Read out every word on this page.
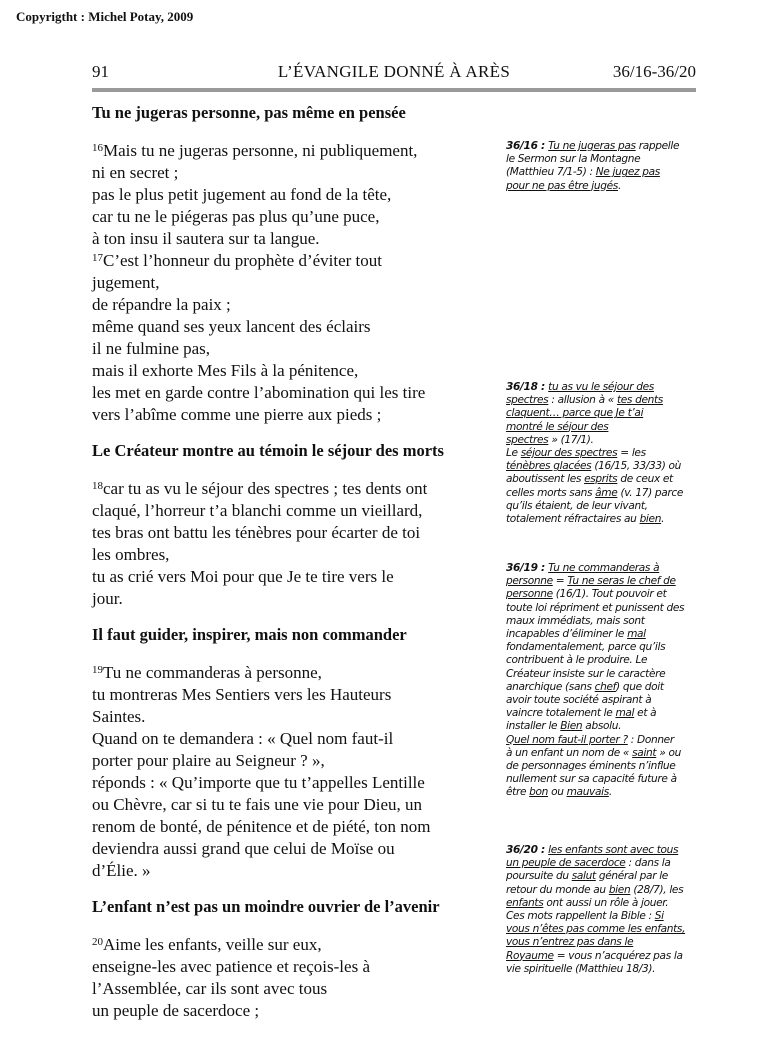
Copyrigtht : Michel Potay, 2009
91	L’ÉVANGILE DONNÉ À ARÈS	36/16-36/20
Tu ne jugeras personne, pas même en pensée
$^{16}$Mais tu ne jugeras personne, ni publiquement,
ni en secret ;
pas le plus petit jugement au fond de la tête,
car tu ne le piégeras pas plus qu’une puce,
à ton insu il sautera sur ta langue.
$^{17}$C’est l’honneur du prophète d’éviter tout
jugement,
de répandre la paix ;
même quand ses yeux lancent des éclairs
il ne fulmine pas,
mais il exhorte Mes Fils à la pénitence,
les met en garde contre l’abomination qui les tire
vers l’abîme comme une pierre aux pieds ;
Le Créateur montre au témoin le séjour des morts
$^{18}$car tu as vu le séjour des spectres ; tes dents ont
claqué, l’horreur t’a blanchi comme un vieillard,
tes bras ont battu les ténèbres pour écarter de toi
les ombres,
tu as crié vers Moi pour que Je te tire vers le
jour.
Il faut guider, inspirer, mais non commander
$^{19}$Tu ne commanderas à personne,
tu montreras Mes Sentiers vers les Hauteurs
Saintes.
Quand on te demandera : « Quel nom faut-il
porter pour plaire au Seigneur ? »,
réponds : « Qu’importe que tu t’appelles Lentille
ou Chèvre, car si tu te fais une vie pour Dieu, un
renom de bonté, de pénitence et de piété, ton nom
deviendra aussi grand que celui de Moïse ou
d’Élie. »
L’enfant n’est pas un moindre ouvrier de l’avenir
$^{20}$Aime les enfants, veille sur eux,
enseigne-les avec patience et reçois-les à
l’Assemblée, car ils sont avec tous
un peuple de sacerdoce ;
36/16 : Tu ne jugeras pas rappelle
le Sermon sur la Montagne
(Matthieu 7/1-5) : Ne jugez pas
pour ne pas être jugés.
36/18 : tu as vu le séjour des
spectres : allusion à « tes dents
claquent… parce que Je t’ai
montré le séjour des
spectres » (17/1).
Le séjour des spectres = les
ténèbres glacées (16/15, 33/33) où
aboutissent les esprits de ceux et
celles morts sans âme (v. 17) parce
qu’ils étaient, de leur vivant,
totalement réfractaires au bien.
36/19 : Tu ne commanderas à
personne = Tu ne seras le chef de
personne (16/1). Tout pouvoir et
toute loi répriment et punissent des
maux immédiats, mais sont
incapables d’éliminer le mal
fondamentalement, parce qu’ils
contribuent à le produire. Le
Créateur insiste sur le caractère
anarchique (sans chef) que doit
avoir toute société aspirant à
vaincre totalement le mal et à
installer le Bien absolu.
Quel nom faut-il porter ? : Donner
à un enfant un nom de « saint » ou
de personnages éminents n’influe
nullement sur sa capacité future à
être bon ou mauvais.
36/20 : les enfants sont avec tous
un peuple de sacerdoce : dans la
poursuite du salut général par le
retour du monde au bien (28/7), les
enfants ont aussi un rôle à jouer.
Ces mots rappellent la Bible : Si
vous n’êtes pas comme les enfants,
vous n’entrez pas dans le
Royaume = vous n’acquérez pas la
vie spirituelle (Matthieu 18/3).
